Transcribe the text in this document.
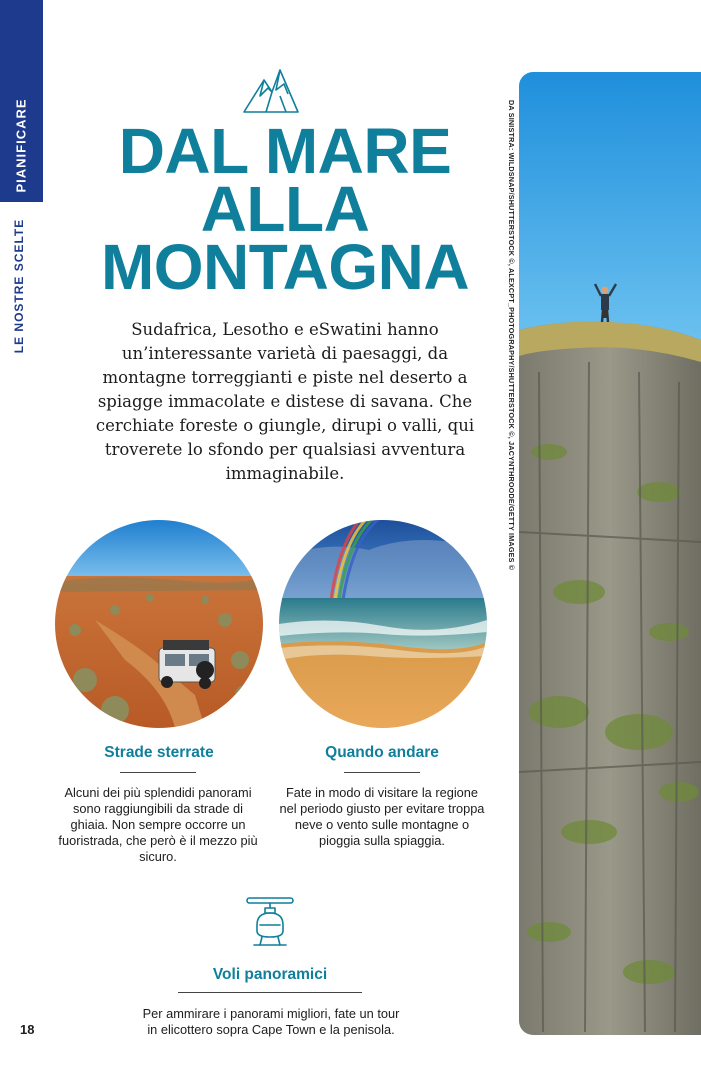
PIANIFICARE
LE NOSTRE SCELTE
DAL MARE
ALLA
MONTAGNA

Sudafrica, Lesotho e eSwatini hanno un’interessante varietà di paesaggi, da montagne torreggianti e piste nel deserto a spiagge immacolate e distese di savana. Che cerchiate foreste o giungle, dirupi o valli, qui troverete lo sfondo per qualsiasi avventura immaginabile.

Strade sterrate

Alcuni dei più splendidi panorami sono raggiungibili da strade di ghiaia. Non sempre occorre un fuoristrada, che però è il mezzo più sicuro.

Quando andare

Fate in modo di visitare la regione nel periodo giusto per evitare troppa neve o vento sulle montagne o pioggia sulla spiaggia.

Voli panoramici

Per ammirare i panorami migliori, fate un tour in elicottero sopra Cape Town e la penisola.

18
DA SINISTRA: WILDSNAP/SHUTTERSTOCK ©, ALEXCPT_PHOTOGRAPHY/SHUTTERSTOCK ©, JACYNTHROODE/GETTY IMAGES ©
